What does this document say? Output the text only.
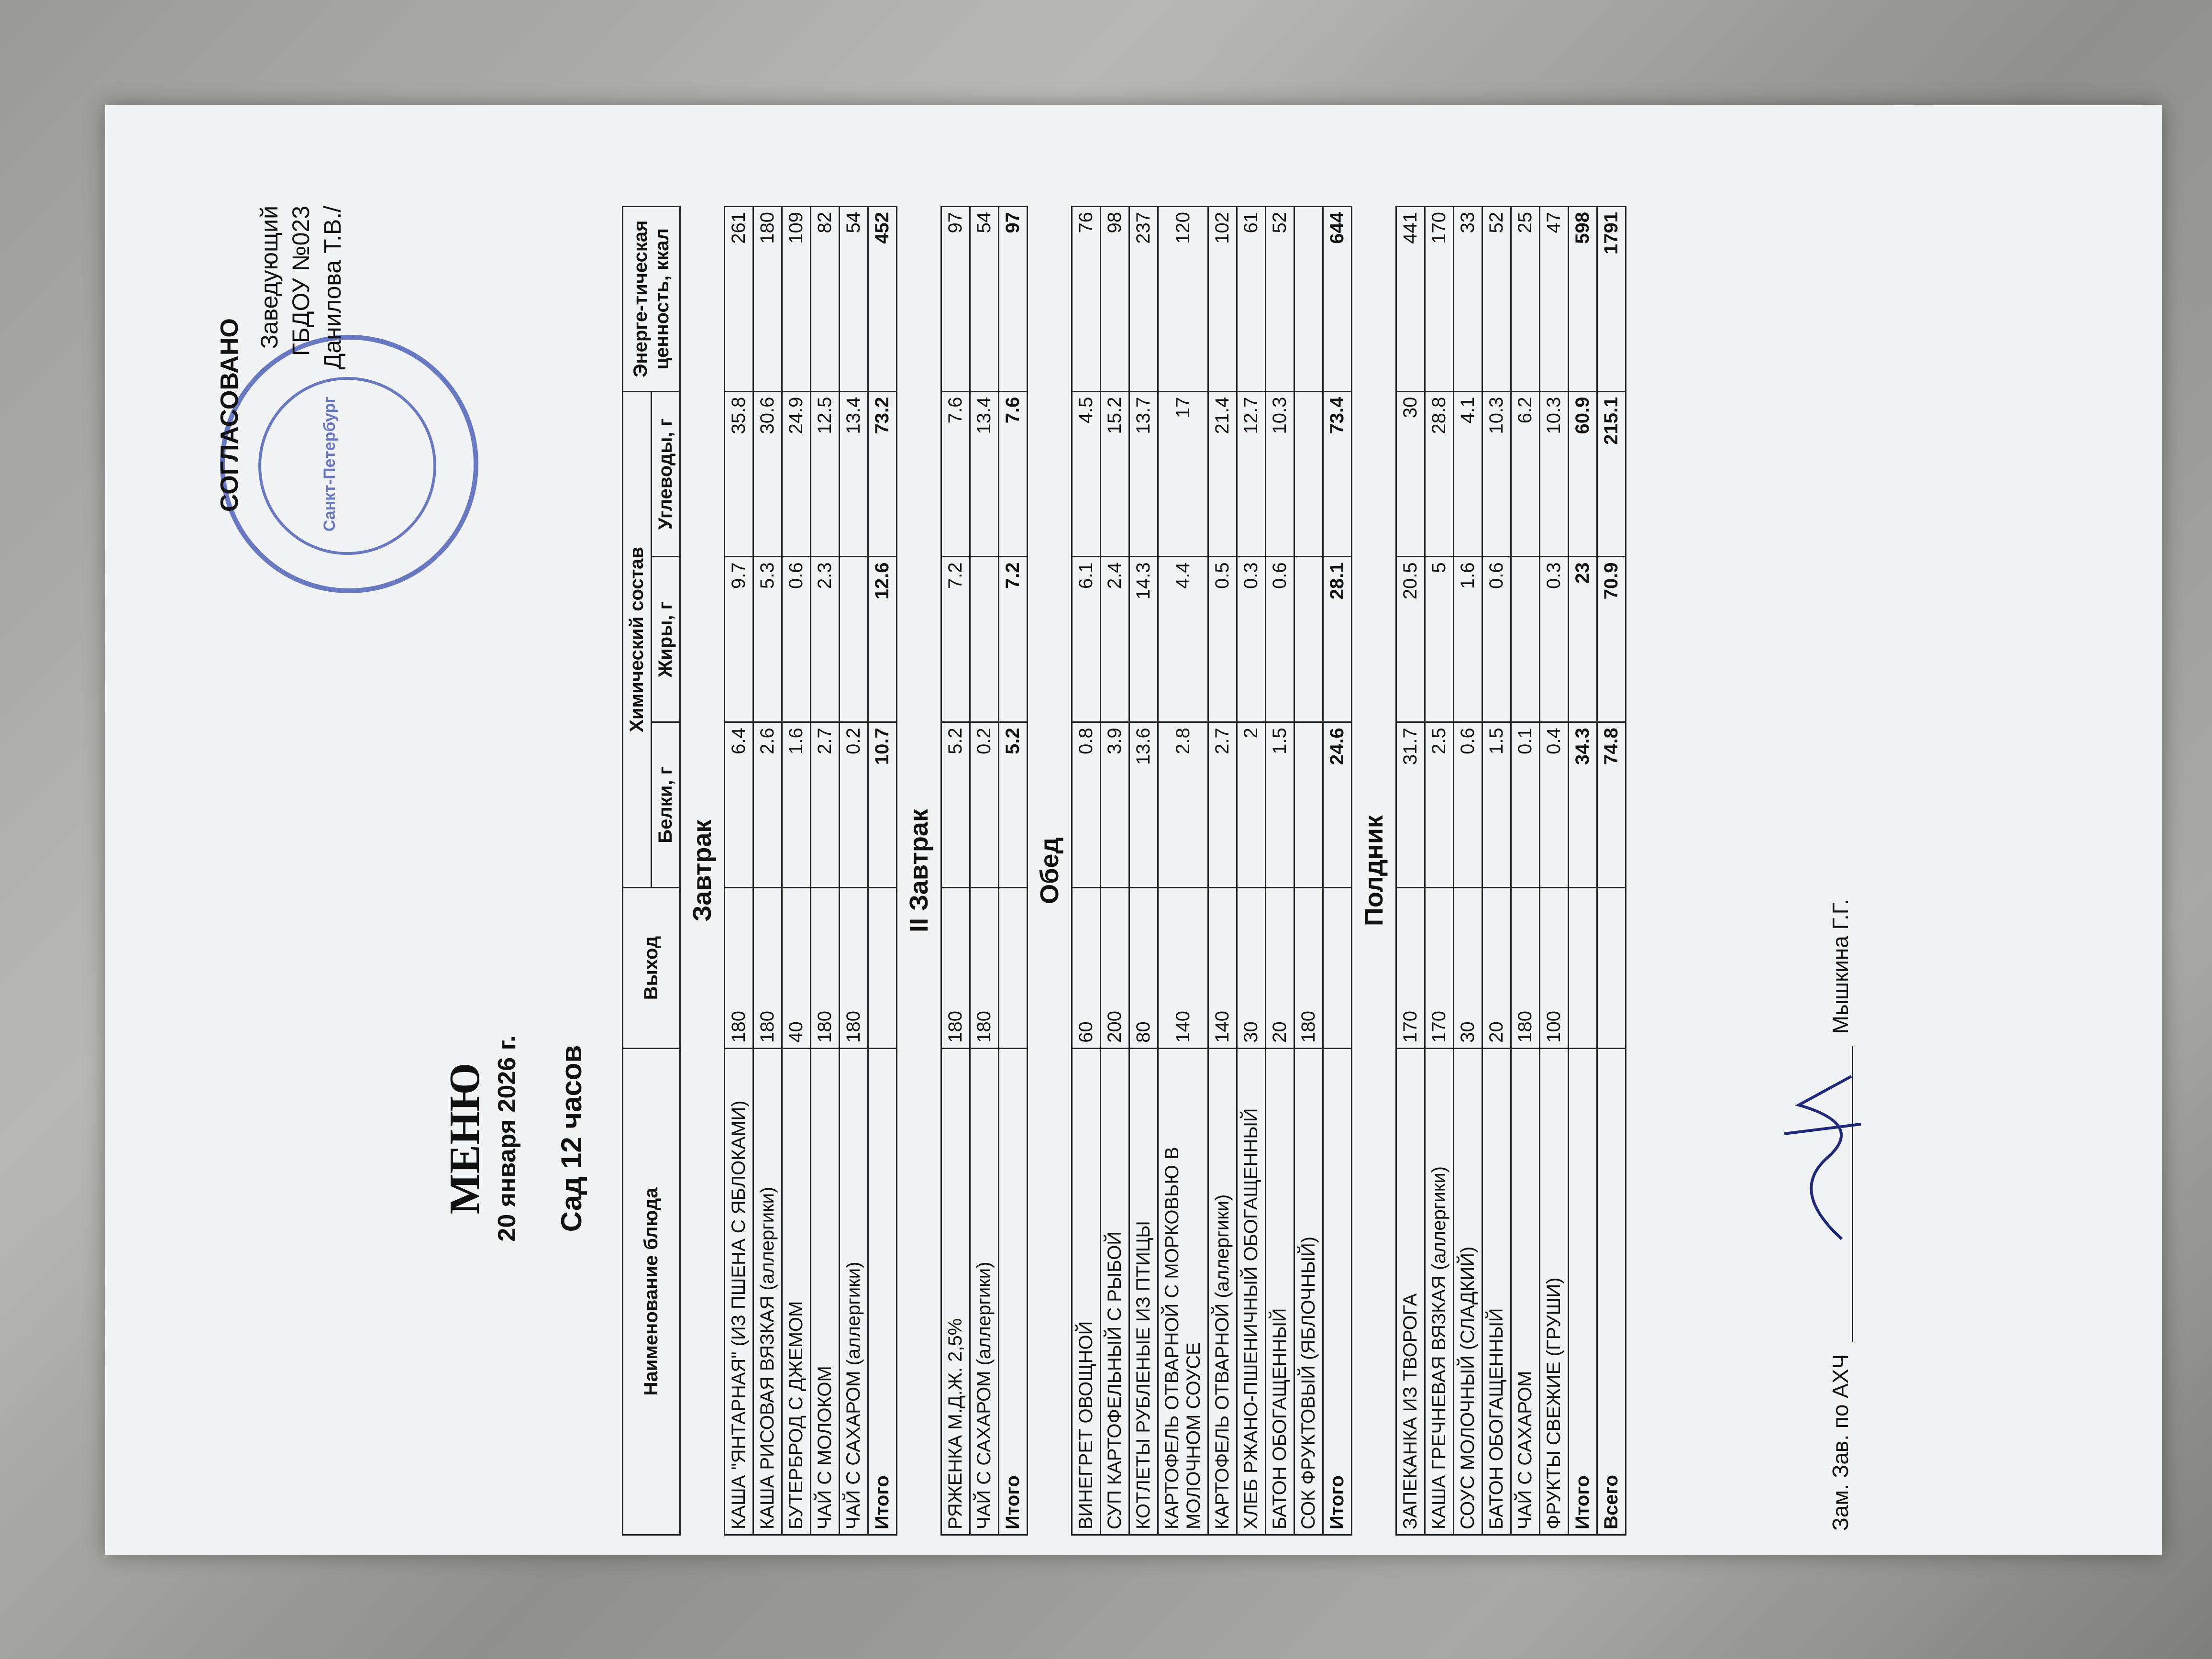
Санкт-Петербург
СОГЛАСОВАНО
Заведующий ГБДОУ №023 Данилова Т.В./
МЕНЮ 20 января 2026 г. Сад 12 часов
Наименование блюда	Выход	Химический состав			Энерге-тическая ценность, ккал
		Белки, г	Жиры, г	Углеводы, г	
Завтрак					
КАША "ЯНТАРНАЯ" (ИЗ ПШЕНА С ЯБЛОКАМИ)	180	6.4	9.7	35.8	261
КАША РИСОВАЯ ВЯЗКАЯ (аллергики)	180	2.6	5.3	30.6	180
БУТЕРБРОД С ДЖЕМОМ	40	1.6	0.6	24.9	109
ЧАЙ С МОЛОКОМ	180	2.7	2.3	12.5	82
ЧАЙ С САХАРОМ (аллергики)	180	0.2		13.4	54
Итого		10.7	12.6	73.2	452
II Завтрак					
РЯЖЕНКА М.Д.Ж. 2,5%	180	5.2	7.2	7.6	97
ЧАЙ С САХАРОМ (аллергики)	180	0.2		13.4	54
Итого		5.2	7.2	7.6	97
Обед					
ВИНЕГРЕТ ОВОЩНОЙ	60	0.8	6.1	4.5	76
СУП КАРТОФЕЛЬНЫЙ С РЫБОЙ	200	3.9	2.4	15.2	98
КОТЛЕТЫ РУБЛЕНЫЕ ИЗ ПТИЦЫ	80	13.6	14.3	13.7	237
КАРТОФЕЛЬ ОТВАРНОЙ С МОРКОВЬЮ В МОЛОЧНОМ СОУСЕ	140	2.8	4.4	17	120
КАРТОФЕЛЬ ОТВАРНОЙ (аллергики)	140	2.7	0.5	21.4	102
ХЛЕБ РЖАНО-ПШЕНИЧНЫЙ ОБОГАЩЕННЫЙ	30	2	0.3	12.7	61
БАТОН ОБОГАЩЕННЫЙ	20	1.5	0.6	10.3	52
СОК ФРУКТОВЫЙ (ЯБЛОЧНЫЙ)	180				
Итого		24.6	28.1	73.4	644
Полдник					
ЗАПЕКАНКА ИЗ ТВОРОГА	170	31.7	20.5	30	441
КАША ГРЕЧНЕВАЯ ВЯЗКАЯ (аллергики)	170	2.5	5	28.8	170
СОУС МОЛОЧНЫЙ (СЛАДКИЙ)	30	0.6	1.6	4.1	33
БАТОН ОБОГАЩЕННЫЙ	20	1.5	0.6	10.3	52
ЧАЙ С САХАРОМ	180	0.1		6.2	25
ФРУКТЫ СВЕЖИЕ (ГРУШИ)	100	0.4	0.3	10.3	47
Итого		34.3	23	60.9	598
Всего		74.8	70.9	215.1	1791
Зам. Зав. по АХЧ  Мышкина Г.Г.
